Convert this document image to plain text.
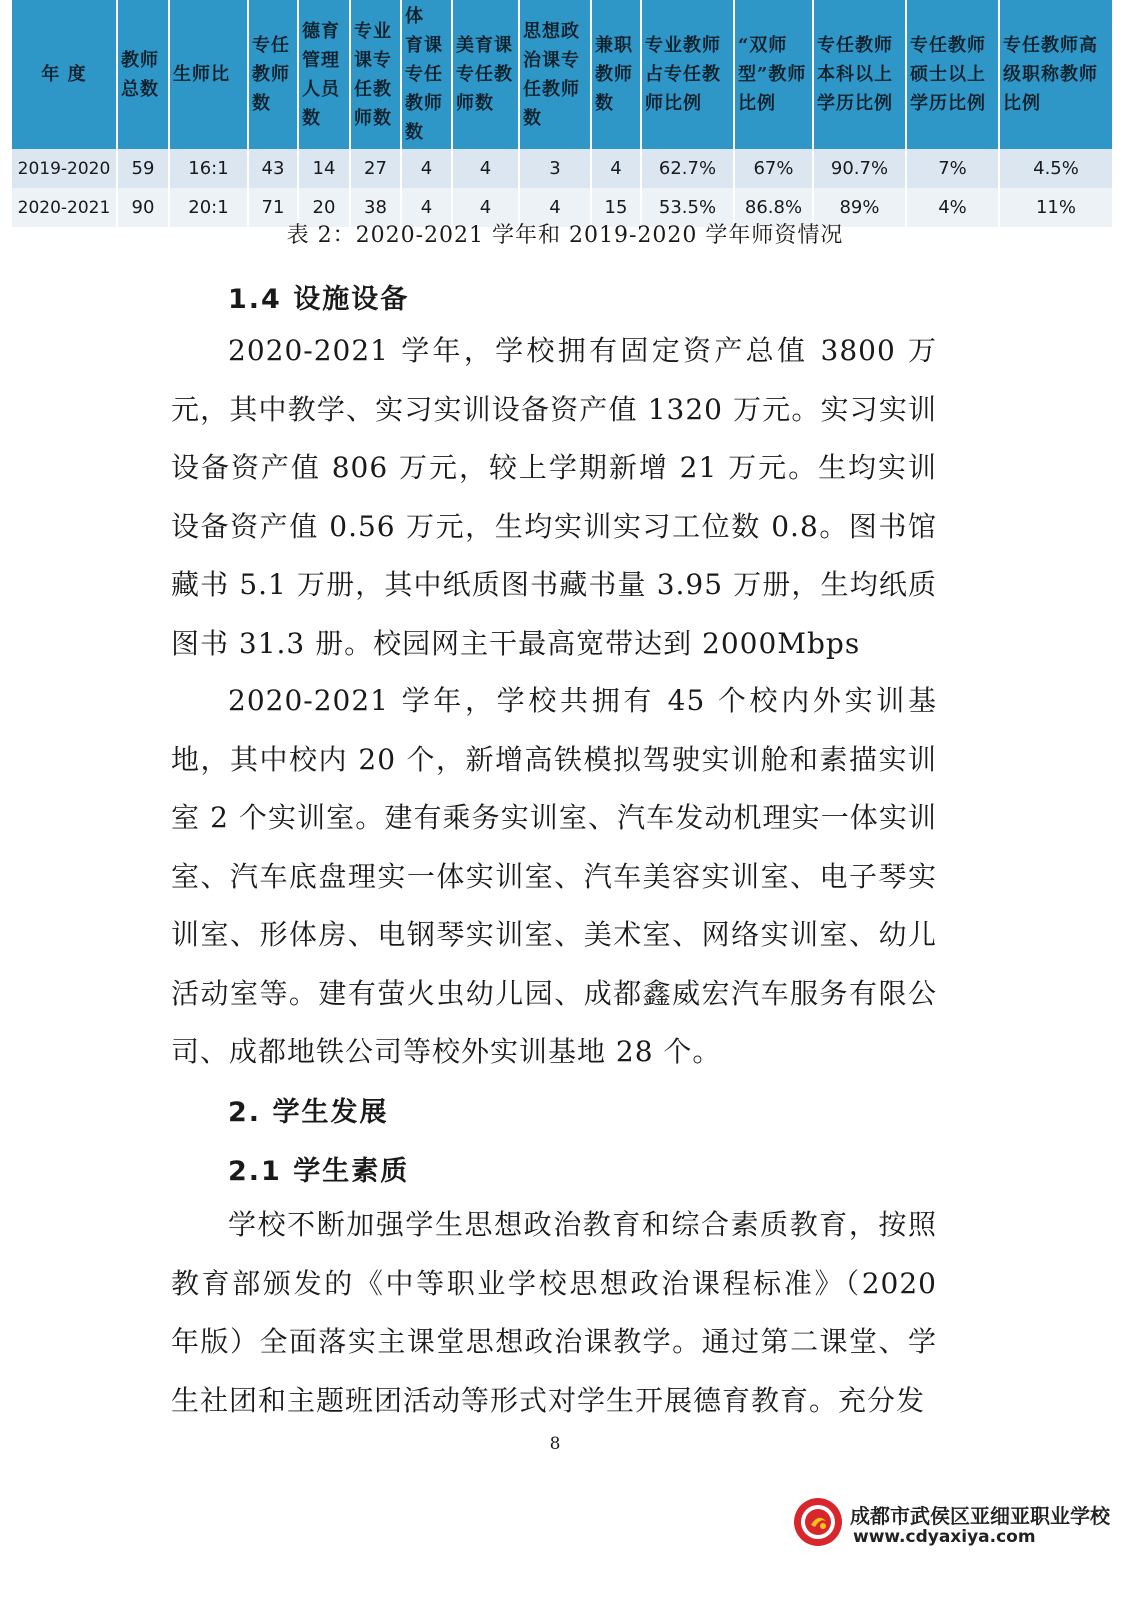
年 度	教师总数	生师比	专任教师数	德育管理人员数	专业课专任教师数	体 育课 专任 教师数	美育课专任教师数	思想政治课专任教师数	兼职教师数	专业教师占专任教师比例	“双师型”教师比例	专任教师本科以上学历比例	专任教师硕士以上学历比例	专任教师高级职称教师比例
2019-2020	59	16:1	43	14	27	4	4	3	4	62.7%	67%	90.7%	7%	4.5%
2020-2021	90	20:1	71	20	38	4	4	4	15	53.5%	86.8%	89%	4%	11%
表 2：2020-2021 学年和 2019-2020 学年师资情况
1.4 设施设备

2020-2021 学年，学校拥有固定资产总值 3800 万元，其中教学、实习实训设备资产值 1320 万元。实习实训设备资产值 806 万元，较上学期新增 21 万元。生均实训设备资产值 0.56 万元，生均实训实习工位数 0.8。图书馆藏书 5.1 万册，其中纸质图书藏书量 3.95 万册，生均纸质图书 31.3 册。校园网主干最高宽带达到 2000Mbps

2020-2021 学年，学校共拥有 45 个校内外实训基地，其中校内 20 个，新增高铁模拟驾驶实训舱和素描实训室 2 个实训室。建有乘务实训室、汽车发动机理实一体实训室、汽车底盘理实一体实训室、汽车美容实训室、电子琴实训室、形体房、电钢琴实训室、美术室、网络实训室、幼儿活动室等。建有萤火虫幼儿园、成都鑫威宏汽车服务有限公司、成都地铁公司等校外实训基地 28 个。

2. 学生发展
2.1 学生素质

学校不断加强学生思想政治教育和综合素质教育，按照教育部颁发的《中等职业学校思想政治课程标准》（2020 年版）全面落实主课堂思想政治课教学。通过第二课堂、学生社团和主题班团活动等形式对学生开展德育教育。充分发

8
成都市武侯区亚细亚职业学校
www.cdyaxiya.com
